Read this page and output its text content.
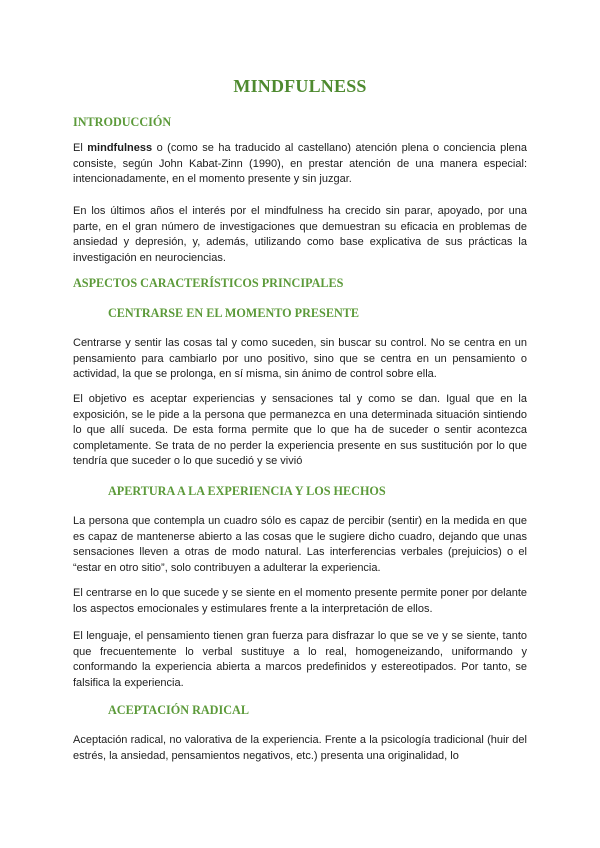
MINDFULNESS
INTRODUCCIÓN

El mindfulness o (como se ha traducido al castellano) atención plena o conciencia plena consiste, según John Kabat-Zinn (1990), en prestar atención de una manera especial: intencionadamente, en el momento presente y sin juzgar.

En los últimos años el interés por el mindfulness ha crecido sin parar, apoyado, por una parte, en el gran número de investigaciones que demuestran su eficacia en problemas de ansiedad y depresión, y, además, utilizando como base explicativa de sus prácticas la investigación en neurociencias.

ASPECTOS CARACTERÍSTICOS PRINCIPALES
CENTRARSE EN EL MOMENTO PRESENTE

Centrarse y sentir las cosas tal y como suceden, sin buscar su control. No se centra en un pensamiento para cambiarlo por uno positivo, sino que se centra en un pensamiento o actividad, la que se prolonga, en sí misma, sin ánimo de control sobre ella.

El objetivo es aceptar experiencias y sensaciones tal y como se dan. Igual que en la exposición, se le pide a la persona que permanezca en una determinada situación sintiendo lo que allí suceda. De esta forma permite que lo que ha de suceder o sentir acontezca completamente. Se trata de no perder la experiencia presente en sus sustitución por lo que tendría que suceder o lo que sucedió y se vivió

APERTURA A LA EXPERIENCIA Y LOS HECHOS

La persona que contempla un cuadro sólo es capaz de percibir (sentir) en la medida en que es capaz de mantenerse abierto a las cosas que le sugiere dicho cuadro, dejando que unas sensaciones lleven a otras de modo natural. Las interferencias verbales (prejuicios) o el “estar en otro sitio”, solo contribuyen a adulterar la experiencia.

El centrarse en lo que sucede y se siente en el momento presente permite poner por delante los aspectos emocionales y estimulares frente a la interpretación de ellos.

El lenguaje, el pensamiento tienen gran fuerza para disfrazar lo que se ve y se siente, tanto que frecuentemente lo verbal sustituye a lo real, homogeneizando, uniformando y conformando la experiencia abierta a marcos predefinidos y estereotipados. Por tanto, se falsifica la experiencia.

ACEPTACIÓN RADICAL

Aceptación radical, no valorativa de la experiencia. Frente a la psicología tradicional (huir del estrés, la ansiedad, pensamientos negativos, etc.) presenta una originalidad, lo
